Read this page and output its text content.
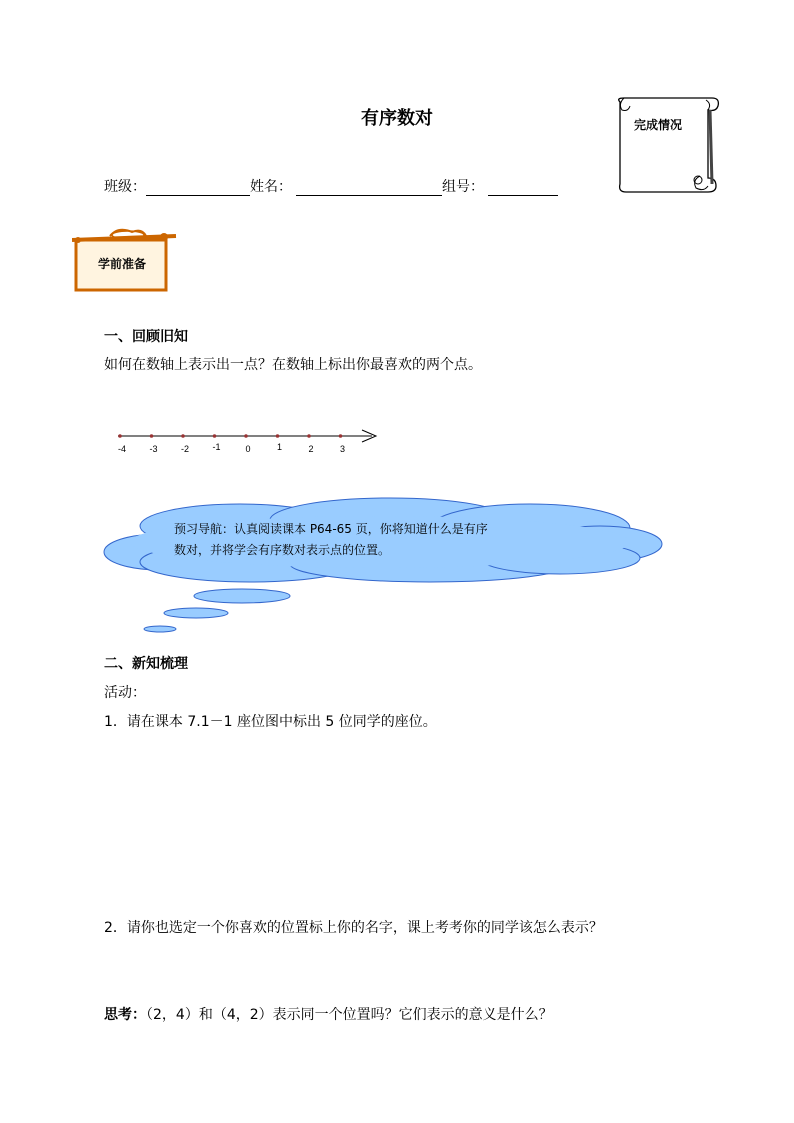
有序数对	完成情况
班级：	姓名：	组号：
学前准备
一、回顾旧知
如何在数轴上表示出一点？在数轴上标出你最喜欢的两个点。
-4	-3	-2	-1	0	1	2	3
预习导航：认真阅读课本 P64-65 页，你将知道什么是有序
数对，并将学会有序数对表示点的位置。
二、新知梳理
活动：
1．请在课本 7.1－1 座位图中标出 5 位同学的座位。
2．请你也选定一个你喜欢的位置标上你的名字，课上考考你的同学该怎么表示？
思考：（2，4）和（4，2）表示同一个位置吗？它们表示的意义是什么？
